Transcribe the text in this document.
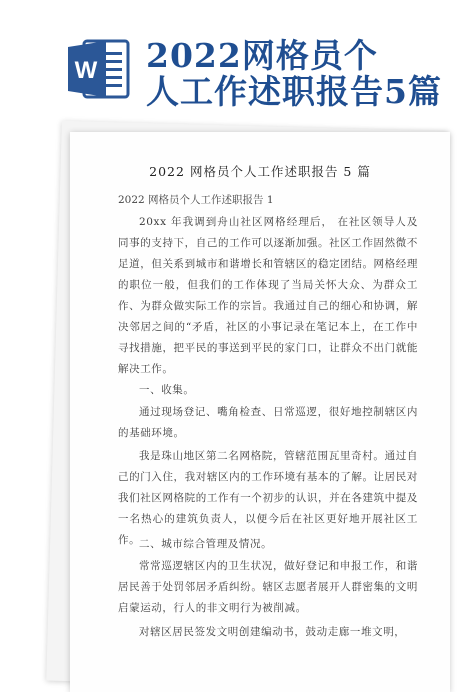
W 2022网格员个
人工作述职报告5篇
2022 网格员个人工作述职报告 5 篇
2022 网格员个人工作述职报告 1

20xx 年我调到舟山社区网格经理后， 在社区领导人及同事的支持下，自己的工作可以逐渐加强。社区工作固然微不足道，但关系到城市和谐增长和管辖区的稳定团结。网格经理的职位一般，但我们的工作体现了当局关怀大众、为群众工作、为群众做实际工作的宗旨。我通过自己的细心和协调，解决邻居之间的“矛盾，社区的小事记录在笔记本上，在工作中寻找措施，把平民的事送到平民的家门口，让群众不出门就能解决工作。

一、收集。

通过现场登记、嘴角检查、日常巡逻，很好地控制辖区内的基础环境。

我是珠山地区第二名网格院，管辖范围瓦里奇村。通过自己的门入住，我对辖区内的工作环境有基本的了解。让居民对我们社区网格院的工作有一个初步的认识，并在各建筑中提及一名热心的建筑负责人，以便今后在社区更好地开展社区工作。

二、城市综合管理及情况。

常常巡逻辖区内的卫生状况，做好登记和申报工作，和谐居民善于处罚邻居矛盾纠纷。辖区志愿者展开人群密集的文明启蒙运动，行人的非文明行为被削减。

对辖区居民签发文明创建编动书，鼓动走廊一堆文明，
